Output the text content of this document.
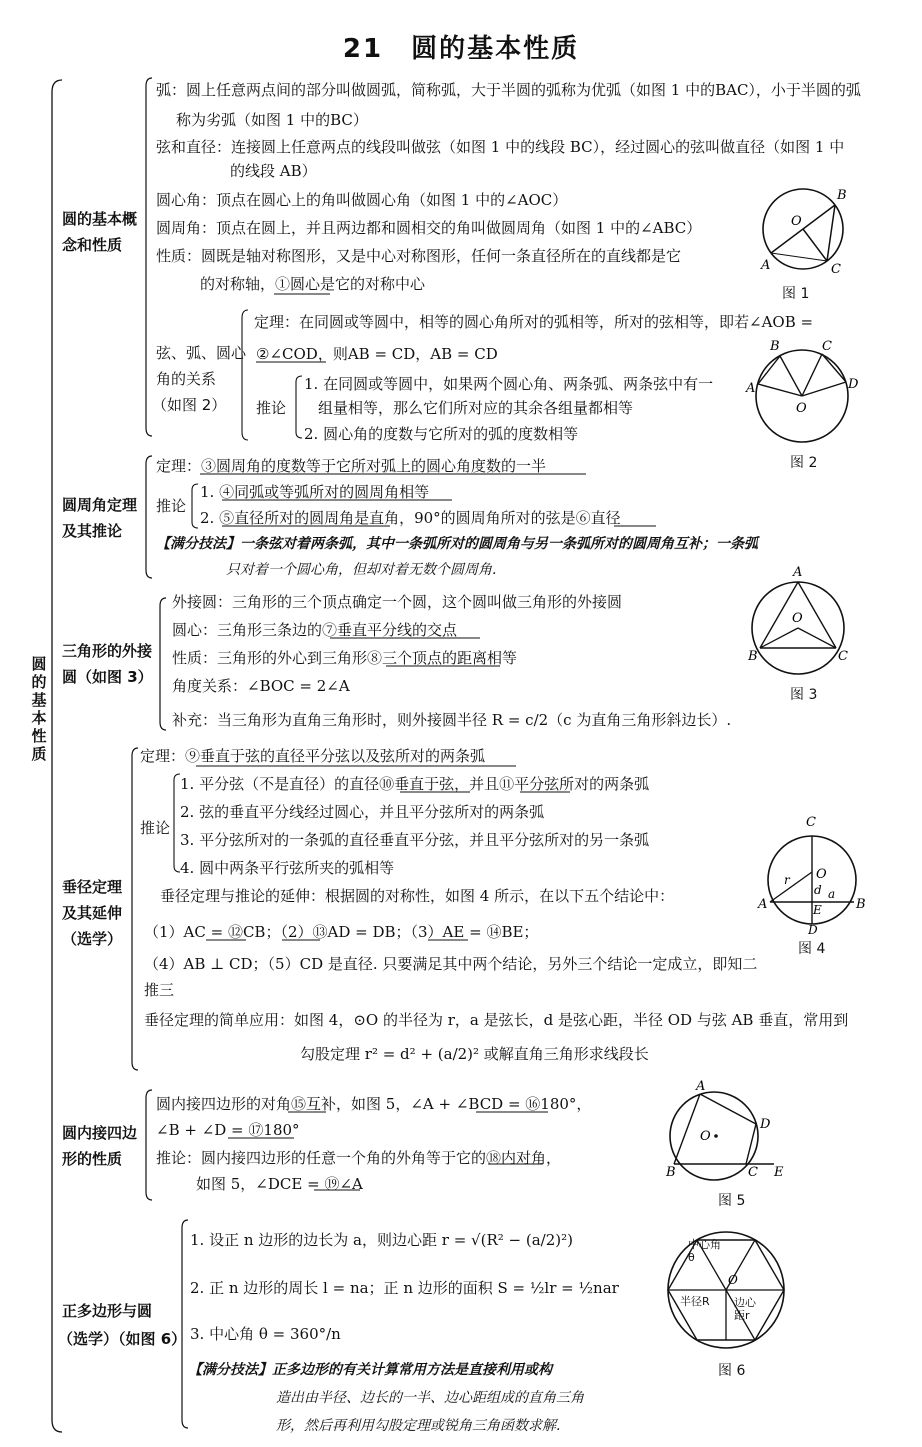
21　圆的基本性质
圆的基本性质
圆的基本概
念和性质
弧：圆上任意两点间的部分叫做圆弧，简称弧，大于半圆的弧称为优弧（如图 1 中的BAC），小于半圆的弧
称为劣弧（如图 1 中的BC）
弦和直径：连接圆上任意两点的线段叫做弦（如图 1 中的线段 BC），经过圆心的弦叫做直径（如图 1 中
的线段 AB）
圆心角：顶点在圆心上的角叫做圆心角（如图 1 中的∠AOC）
圆周角：顶点在圆上，并且两边都和圆相交的角叫做圆周角（如图 1 中的∠ABC）
性质：圆既是轴对称图形，又是中心对称图形，任何一条直径所在的直线都是它
的对称轴，①圆心是它的对称中心
B
O
A	C
图 1
弦、弧、圆心
角的关系
（如图 2）
定理：在同圆或等圆中，相等的圆心角所对的弧相等，所对的弦相等，即若∠AOB =
②∠COD，则AB = CD，AB = CD
推论
1. 在同圆或等圆中，如果两个圆心角、两条弧、两条弦中有一
组量相等，那么它们所对应的其余各组量都相等
2. 圆心角的度数与它所对的弧的度数相等
B	C
A	D
O
图 2
圆周角定理
及其推论
定理：③圆周角的度数等于它所对弧上的圆心角度数的一半
推论
1. ④同弧或等弧所对的圆周角相等
2. ⑤直径所对的圆周角是直角，90°的圆周角所对的弦是⑥直径
【满分技法】一条弦对着两条弧，其中一条弧所对的圆周角与另一条弧所对的圆周角互补；一条弧
只对着一个圆心角，但却对着无数个圆周角.
三角形的外接
圆（如图 3）
外接圆：三角形的三个顶点确定一个圆，这个圆叫做三角形的外接圆
圆心：三角形三条边的⑦垂直平分线的交点
性质：三角形的外心到三角形⑧三个顶点的距离相等
角度关系：∠BOC = 2∠A
补充：当三角形为直角三角形时，则外接圆半径 R = c/2（c 为直角三角形斜边长）.
A
O
B	C
图 3
垂径定理
及其延伸
（选学）
定理：⑨垂直于弦的直径平分弦以及弦所对的两条弧
推论
1. 平分弦（不是直径）的直径⑩垂直于弦，并且⑪平分弦所对的两条弧
2. 弦的垂直平分线经过圆心，并且平分弦所对的两条弧
3. 平分弦所对的一条弧的直径垂直平分弦，并且平分弦所对的另一条弧
4. 圆中两条平行弦所夹的弧相等
垂径定理与推论的延伸：根据圆的对称性，如图 4 所示，在以下五个结论中：
（1）AC = ⑫CB；（2）⑬AD = DB；（3）AE = ⑭BE；
（4）AB ⊥ CD；（5）CD 是直径. 只要满足其中两个结论，另外三个结论一定成立，即知二
推三
垂径定理的简单应用：如图 4，⊙O 的半径为 r，a 是弦长，d 是弦心距，半径 OD 与弦 AB 垂直，常用到
勾股定理 r² = d² + (a/2)² 或解直角三角形求线段长
C
O
r
d a
A	B
E
D
图 4
圆内接四边
形的性质
圆内接四边形的对角⑮互补，如图 5，∠A + ∠BCD = ⑯180°，
∠B + ∠D = ⑰180°
推论：圆内接四边形的任意一个角的外角等于它的⑱内对角，
如图 5，∠DCE = ⑲∠A
A
O
D
B	C E
图 5
正多边形与圆
（选学）（如图 6）
1. 设正 n 边形的边长为 a，则边心距 r = √(R² − (a/2)²)
2. 正 n 边形的周长 l = na；正 n 边形的面积 S = ½lr = ½nar
3. 中心角 θ = 360°/n
【满分技法】正多边形的有关计算常用方法是直接利用或构
造出由半径、边长的一半、边心距组成的直角三角
形，然后再利用勾股定理或锐角三角函数求解.
O
中心角θ
半径R 边心距r
图 6
